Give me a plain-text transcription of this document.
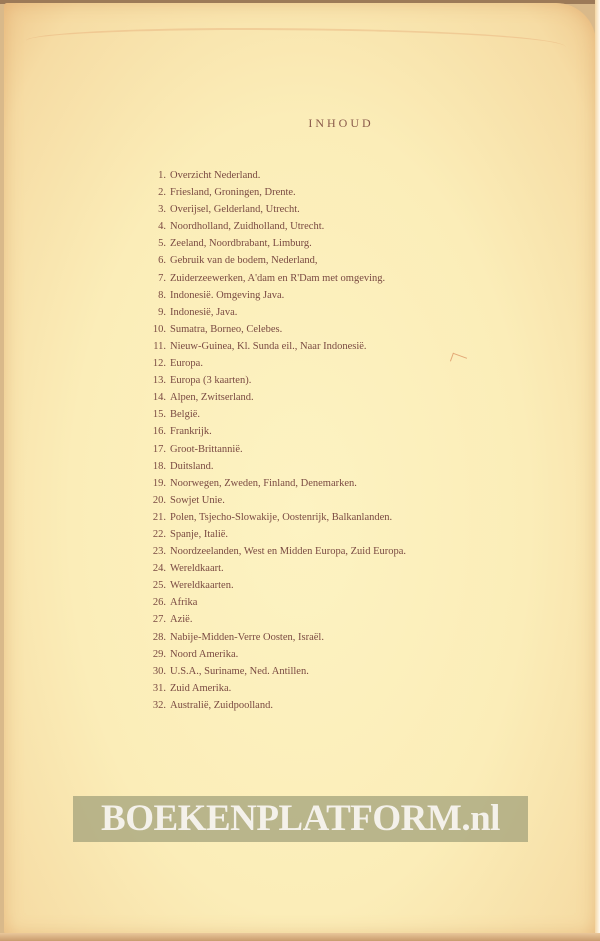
INHOUD
1. Overzicht Nederland.
2. Friesland, Groningen, Drente.
3. Overijsel, Gelderland, Utrecht.
4. Noordholland, Zuidholland, Utrecht.
5. Zeeland, Noordbrabant, Limburg.
6. Gebruik van de bodem, Nederland,
7. Zuiderzeewerken, A'dam en R'Dam met omgeving.
8. Indonesië. Omgeving Java.
9. Indonesië, Java.
10. Sumatra, Borneo, Celebes.
11. Nieuw-Guinea, Kl. Sunda eil., Naar Indonesië.
12. Europa.
13. Europa (3 kaarten).
14. Alpen, Zwitserland.
15. België.
16. Frankrijk.
17. Groot-Brittannië.
18. Duitsland.
19. Noorwegen, Zweden, Finland, Denemarken.
20. Sowjet Unie.
21. Polen, Tsjecho-Slowakije, Oostenrijk, Balkanlanden.
22. Spanje, Italië.
23. Noordzeelanden, West en Midden Europa, Zuid Europa.
24. Wereldkaart.
25. Wereldkaarten.
26. Afrika
27. Azië.
28. Nabije-Midden-Verre Oosten, Israël.
29. Noord Amerika.
30. U.S.A., Suriname, Ned. Antillen.
31. Zuid Amerika.
32. Australië, Zuidpoolland.
BOEKENPLATFORM.nl
